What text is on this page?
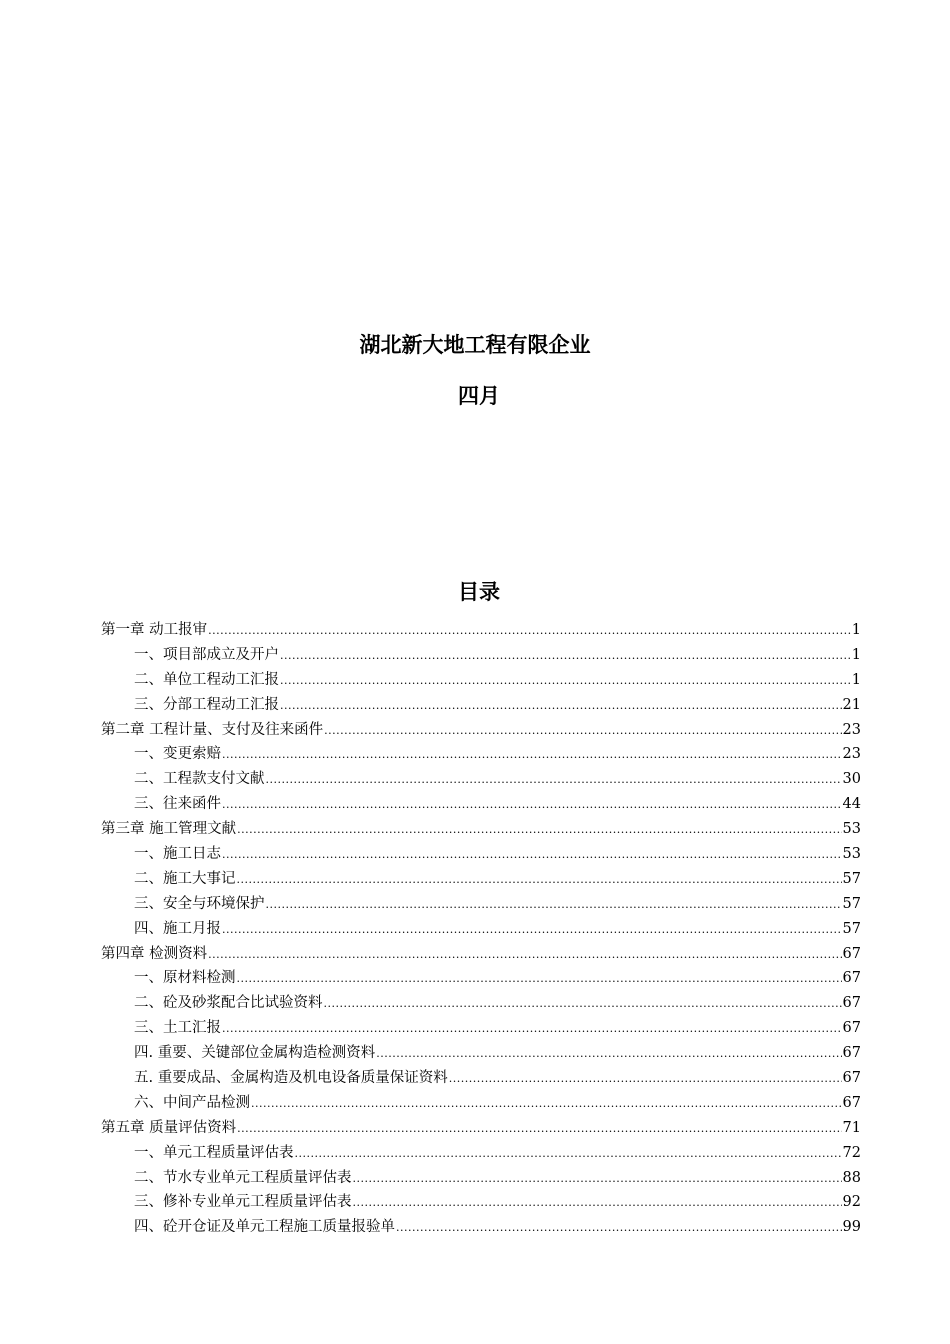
湖北新大地工程有限企业
四月
目录
第一章 动工报审 .....	1
一、项目部成立及开户 .....	1
二、单位工程动工汇报 .....	1
三、分部工程动工汇报 .....	21
第二章 工程计量、支付及往来函件 .....	23
一、变更索赔 .....	23
二、工程款支付文献 .....	30
三、往来函件 .....	44
第三章 施工管理文献 .....	53
一、施工日志 .....	53
二、施工大事记 .....	57
三、安全与环境保护 .....	57
四、施工月报 .....	57
第四章 检测资料 .....	67
一、原材料检测 .....	67
二、砼及砂浆配合比试验资料 .....	67
三、土工汇报 .....	67
四. 重要、关键部位金属构造检测资料 .....	67
五. 重要成品、金属构造及机电设备质量保证资料 .....	67
六、中间产品检测 .....	67
第五章 质量评估资料 .....	71
一、单元工程质量评估表 .....	72
二、节水专业单元工程质量评估表 .....	88
三、修补专业单元工程质量评估表 .....	92
四、砼开仓证及单元工程施工质量报验单 .....	99
